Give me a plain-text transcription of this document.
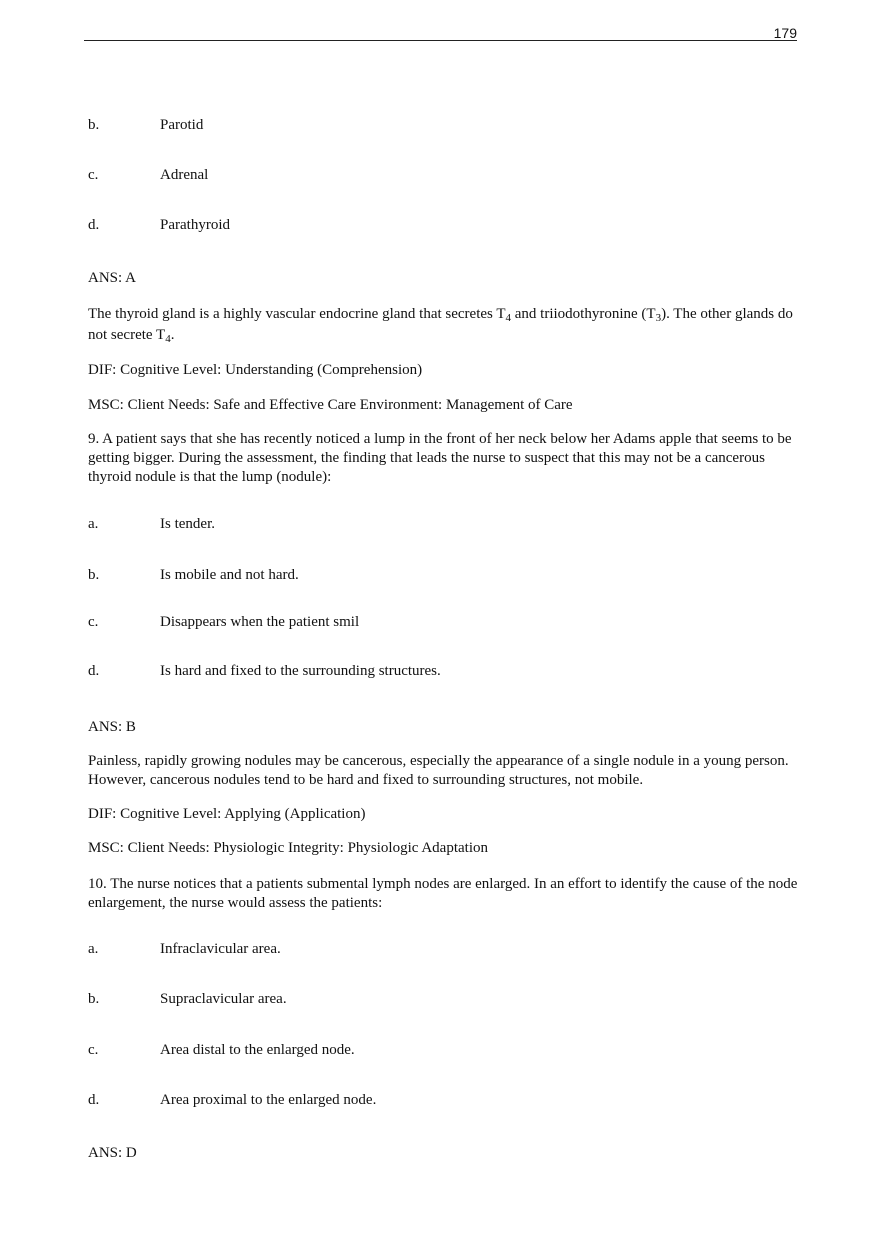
179
b.	Parotid
c.	Adrenal
d.	Parathyroid
ANS: A
The thyroid gland is a highly vascular endocrine gland that secretes $T_4$ and triiodothyronine $(T_3)$. The other glands do not secrete $T_4$.
DIF: Cognitive Level: Understanding (Comprehension)
MSC: Client Needs: Safe and Effective Care Environment: Management of Care
9. A patient says that she has recently noticed a lump in the front of her neck below her Adams apple that seems to be getting bigger. During the assessment, the finding that leads the nurse to suspect that this may not be a cancerous thyroid nodule is that the lump (nodule):
a.	Is tender.
b.	Is mobile and not hard.
c.	Disappears when the patient smil
d.	Is hard and fixed to the surrounding structures.
ANS: B
Painless, rapidly growing nodules may be cancerous, especially the appearance of a single nodule in a young person. However, cancerous nodules tend to be hard and fixed to surrounding structures, not mobile.
DIF: Cognitive Level: Applying (Application)
MSC: Client Needs: Physiologic Integrity: Physiologic Adaptation
10. The nurse notices that a patients submental lymph nodes are enlarged. In an effort to identify the cause of the node enlargement, the nurse would assess the patients:
a.	Infraclavicular area.
b.	Supraclavicular area.
c.	Area distal to the enlarged node.
d.	Area proximal to the enlarged node.
ANS: D
